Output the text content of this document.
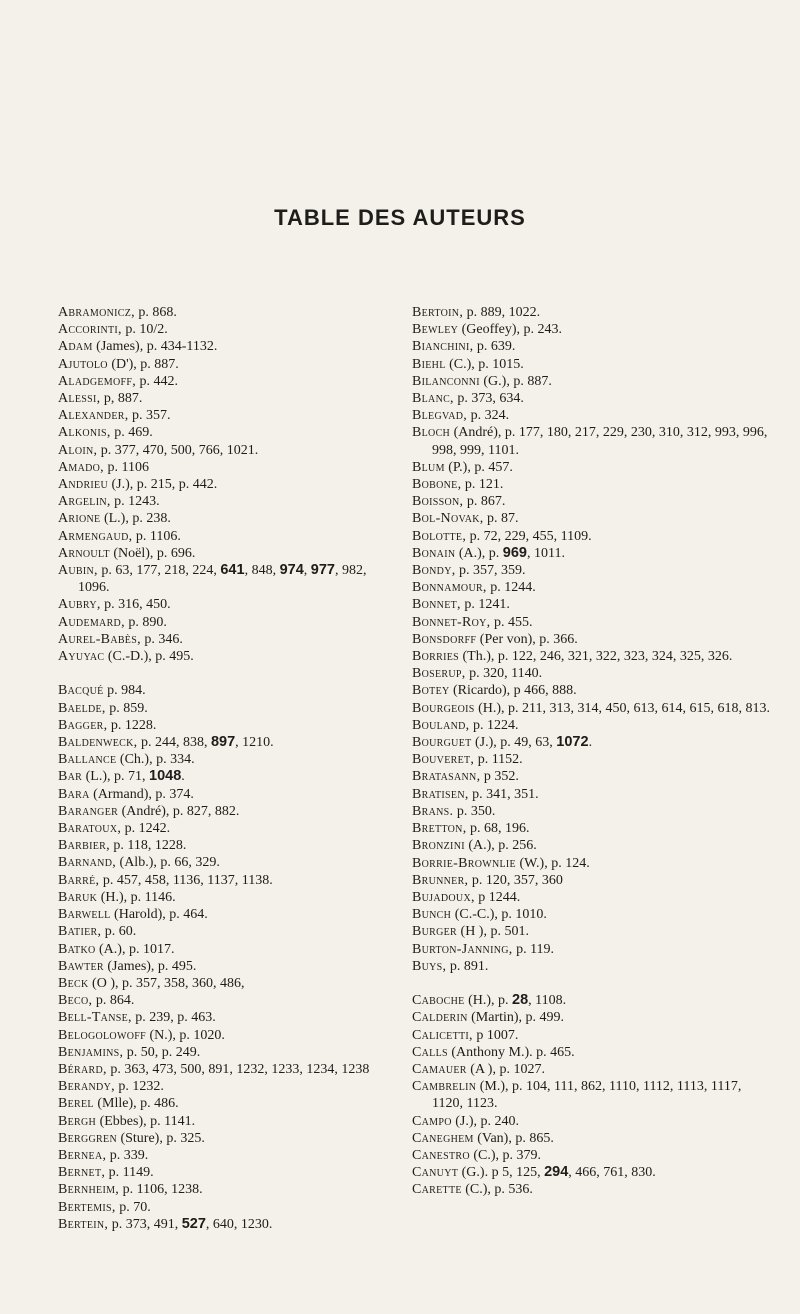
TABLE DES AUTEURS
Abramonicz, p. 868.
Accorinti, p. 10/2.
Adam (James), p. 434-1132.
Ajutolo (D'), p. 887.
Aladgemoff, p. 442.
Alessi, p, 887.
Alexander, p. 357.
Alkonis, p. 469.
Aloin, p. 377, 470, 500, 766, 1021.
Amado, p. 1106
Andrieu (J.), p. 215, p. 442.
Argelin, p. 1243.
Arione (L.), p. 238.
Armengaud, p. 1106.
Arnoult (Noël), p. 696.
Aubin, p. 63, 177, 218, 224, 641, 848, 974, 977, 982, 1096.
Aubry, p. 316, 450.
Audemard, p. 890.
Aurel-Babès, p. 346.
Ayuyac (C.-D.), p. 495.
Bacqué p. 984.
Baelde, p. 859.
Bagger, p. 1228.
Baldenweck, p. 244, 838, 897, 1210.
Ballance (Ch.), p. 334.
Bar (L.), p. 71, 1048.
Bara (Armand), p. 374.
Baranger (André), p. 827, 882.
Baratoux, p. 1242.
Barbier, p. 118, 1228.
Barnand, (Alb.), p. 66, 329.
Barré, p. 457, 458, 1136, 1137, 1138.
Baruk (H.), p. 1146.
Barwell (Harold), p. 464.
Batier, p. 60.
Batko (A.), p. 1017.
Bawter (James), p. 495.
Beck (O ), p. 357, 358, 360, 486,
Beco, p. 864.
Bell-Tanse, p. 239, p. 463.
Belogolowoff (N.), p. 1020.
Benjamins, p. 50, p. 249.
Bérard, p. 363, 473, 500, 891, 1232, 1233, 1234, 1238
Berandy, p. 1232.
Berel (Mlle), p. 486.
Bergh (Ebbes), p. 1141.
Berggren (Sture), p. 325.
Bernea, p. 339.
Bernet, p. 1149.
Bernheim, p. 1106, 1238.
Bertemis, p. 70.
Bertein, p. 373, 491, 527, 640, 1230.
Bertoin, p. 889, 1022.
Bewley (Geoffey), p. 243.
Bianchini, p. 639.
Biehl (C.), p. 1015.
Bilanconni (G.), p. 887.
Blanc, p. 373, 634.
Blegvad, p. 324.
Bloch (André), p. 177, 180, 217, 229, 230, 310, 312, 993, 996, 998, 999, 1101.
Blum (P.), p. 457.
Bobone, p. 121.
Boisson, p. 867.
Bol-Novak, p. 87.
Bolotte, p. 72, 229, 455, 1109.
Bonain (A.), p. 969, 1011.
Bondy, p. 357, 359.
Bonnamour, p. 1244.
Bonnet, p. 1241.
Bonnet-Roy, p. 455.
Bonsdorff (Per von), p. 366.
Borries (Th.), p. 122, 246, 321, 322, 323, 324, 325, 326.
Boserup, p. 320, 1140.
Botey (Ricardo), p 466, 888.
Bourgeois (H.), p. 211, 313, 314, 450, 613, 614, 615, 618, 813.
Bouland, p. 1224.
Bourguet (J.), p. 49, 63, 1072.
Bouveret, p. 1152.
Bratasann, p 352.
Bratisen, p. 341, 351.
Brans. p. 350.
Bretton, p. 68, 196.
Bronzini (A.), p. 256.
Borrie-Brownlie (W.), p. 124.
Brunner, p. 120, 357, 360
Bujadoux, p 1244.
Bunch (C.-C.), p. 1010.
Burger (H ), p. 501.
Burton-Janning, p. 119.
Buys, p. 891.
Caboche (H.), p. 28, 1108.
Calderin (Martin), p. 499.
Calicetti, p 1007.
Calls (Anthony M.). p. 465.
Camauer (A ), p. 1027.
Cambrelin (M.), p. 104, 111, 862, 1110, 1112, 1113, 1117, 1120, 1123.
Campo (J.), p. 240.
Caneghem (Van), p. 865.
Canestro (C.), p. 379.
Canuyt (G.). p 5, 125, 294, 466, 761, 830.
Carette (C.), p. 536.
